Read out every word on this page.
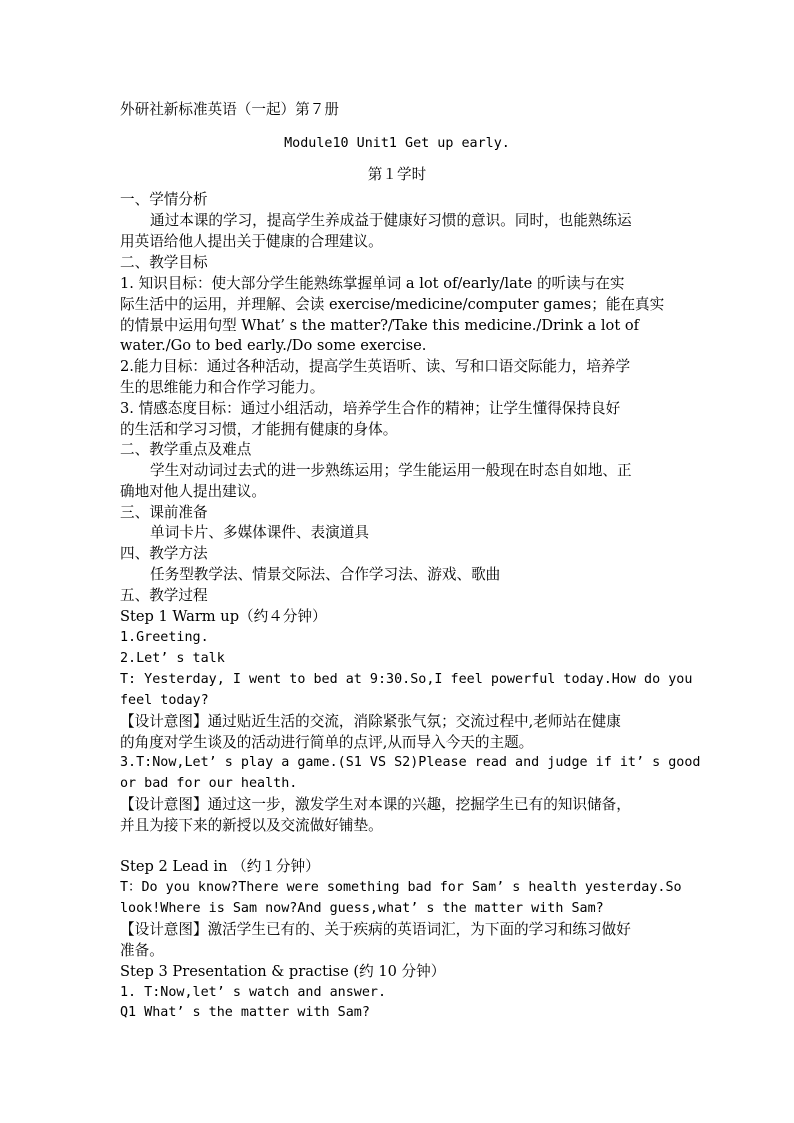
外研社新标准英语（一起）第７册
Module10 Unit1 Get up early.
第１学时
一、学情分析
通过本课的学习，提高学生养成益于健康好习惯的意识。同时，也能熟练运
用英语给他人提出关于健康的合理建议。
二、教学目标
1. 知识目标：使大部分学生能熟练掌握单词 a lot of/early/late 的听读与在实
际生活中的运用，并理解、会读 exercise/medicine/computer games；能在真实
的情景中运用句型 What’ s the matter?/Take this medicine./Drink a lot of
water./Go to bed early./Do some exercise.
2.能力目标：通过各种活动，提高学生英语听、读、写和口语交际能力，培养学
生的思维能力和合作学习能力。
3. 情感态度目标：通过小组活动，培养学生合作的精神；让学生懂得保持良好
的生活和学习习惯，才能拥有健康的身体。
二、教学重点及难点
学生对动词过去式的进一步熟练运用；学生能运用一般现在时态自如地、正
确地对他人提出建议。
三、课前准备
单词卡片、多媒体课件、表演道具
四、教学方法
任务型教学法、情景交际法、合作学习法、游戏、歌曲
五、教学过程
Step 1 Warm up（约４分钟）
1.Greeting.
2.Let’ s talk
T: Yesterday, I went to bed at 9:30.So,I feel powerful today.How do you
feel today?
【设计意图】通过贴近生活的交流，消除紧张气氛；交流过程中,老师站在健康
的角度对学生谈及的活动进行简单的点评,从而导入今天的主题。
3.T:Now,Let’ s play a game.(S1 VS S2)Please read and judge if it’ s good
or bad for our health.
【设计意图】通过这一步，激发学生对本课的兴趣，挖掘学生已有的知识储备，
并且为接下来的新授以及交流做好铺垫。
Step 2 Lead in （约１分钟）
T：Do you know?There were something bad for Sam’ s health yesterday.So
look!Where is Sam now?And guess,what’ s the matter with Sam?
【设计意图】激活学生已有的、关于疾病的英语词汇，为下面的学习和练习做好
准备。
Step 3 Presentation & practise (约 10 分钟）
1. T:Now,let’ s watch and answer.
Q1 What’ s the matter with Sam?
